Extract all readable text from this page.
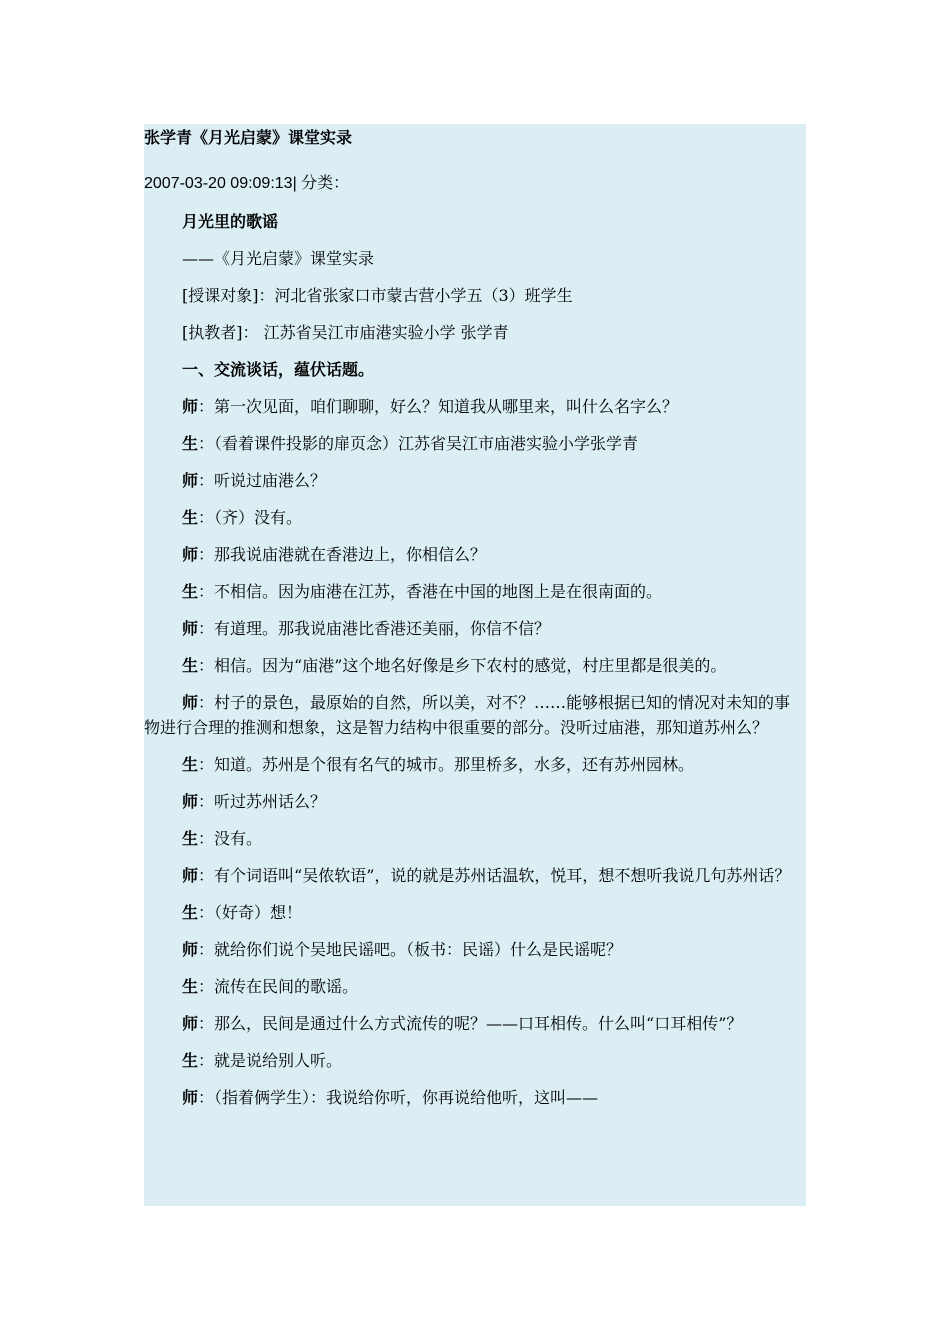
张学青《月光启蒙》课堂实录
2007-03-20 09:09:13| 分类：

月光里的歌谣

——《月光启蒙》课堂实录

[授课对象]：河北省张家口市蒙古营小学五（3）班学生

[执教者]： 江苏省吴江市庙港实验小学 张学青

一、交流谈话，蕴伏话题。

师：第一次见面，咱们聊聊，好么？知道我从哪里来，叫什么名字么？

生：（看着课件投影的扉页念）江苏省吴江市庙港实验小学张学青

师：听说过庙港么？

生：（齐）没有。

师：那我说庙港就在香港边上，你相信么？

生：不相信。因为庙港在江苏，香港在中国的地图上是在很南面的。

师：有道理。那我说庙港比香港还美丽，你信不信？

生：相信。因为“庙港”这个地名好像是乡下农村的感觉，村庄里都是很美的。

师：村子的景色，最原始的自然，所以美，对不？……能够根据已知的情况对未知的事物进行合理的推测和想象，这是智力结构中很重要的部分。没听过庙港，那知道苏州么？

生：知道。苏州是个很有名气的城市。那里桥多，水多，还有苏州园林。

师：听过苏州话么？

生：没有。

师：有个词语叫“吴侬软语”，说的就是苏州话温软，悦耳，想不想听我说几句苏州话？

生：（好奇）想！

师：就给你们说个吴地民谣吧。（板书：民谣）什么是民谣呢？

生：流传在民间的歌谣。

师：那么，民间是通过什么方式流传的呢？——口耳相传。什么叫“口耳相传”？

生：就是说给别人听。

师：（指着俩学生）：我说给你听，你再说给他听，这叫——
